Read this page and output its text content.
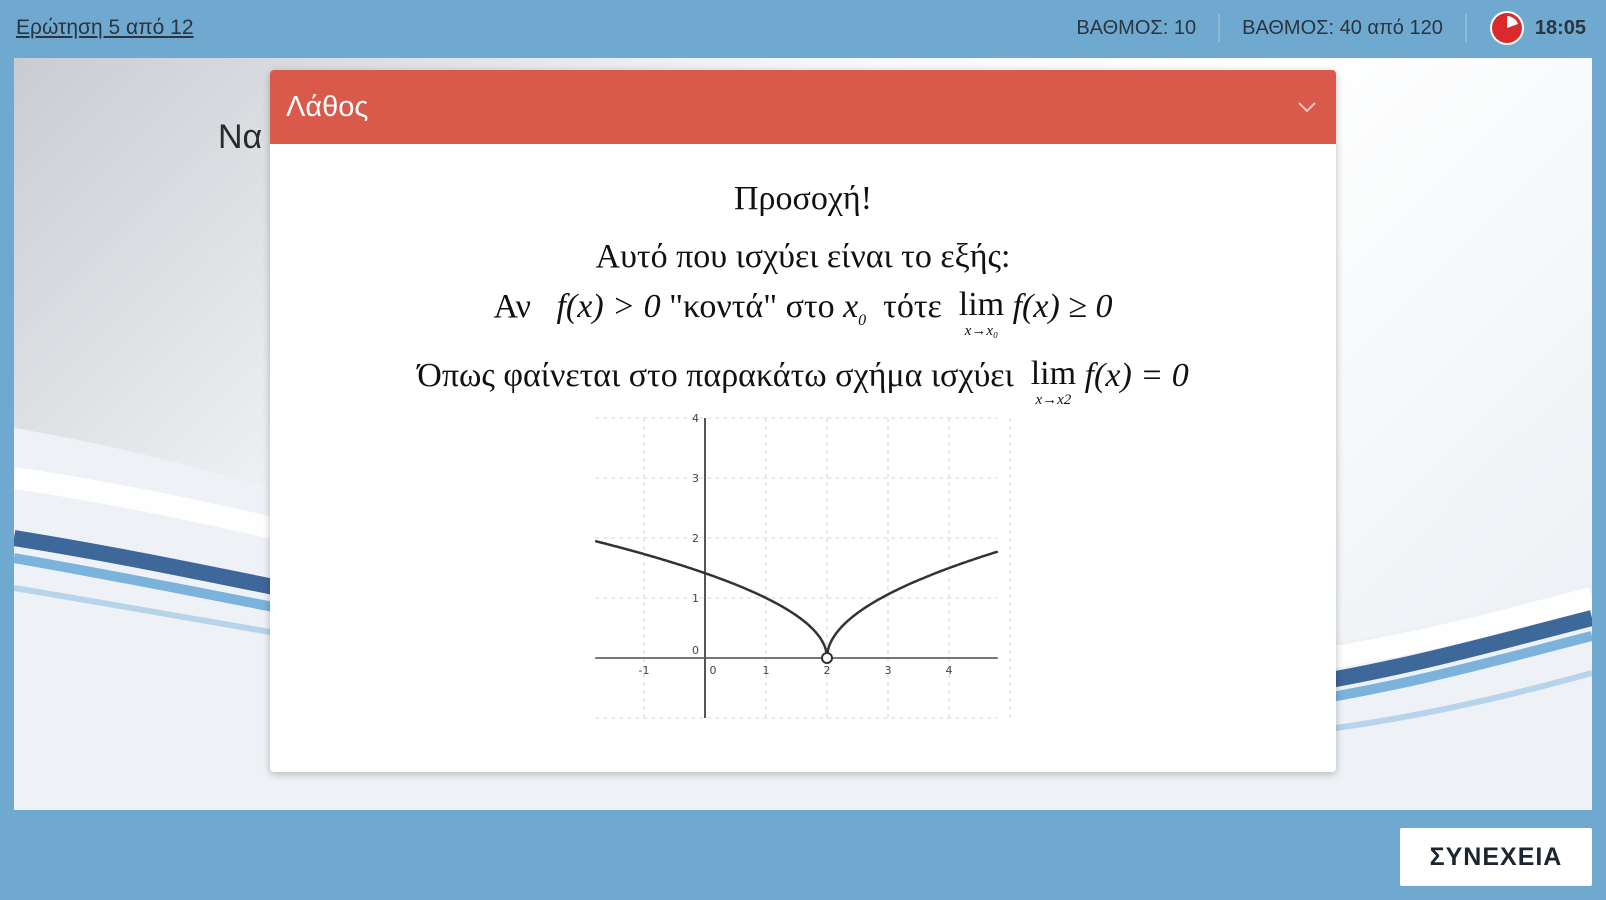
Ερώτηση 5 από 12	ΒΑΘΜΟΣ: 10	ΒΑΘΜΟΣ: 40 από 120	18:05
Να
Λάθος
Προσοχή!
Αυτό που ισχύει είναι το εξής:
Αν f(x) > 0 "κοντά" στο $x_0$ τότε lim
x→x₀
f(x) ≥ 0
Όπως φαίνεται στο παρακάτω σχήμα ισχύει lim
x→x2
f(x) = 0
-1	0	1	2	3	4
0
1
2
3
4
ΣΥΝΕΧΕΙΑ
